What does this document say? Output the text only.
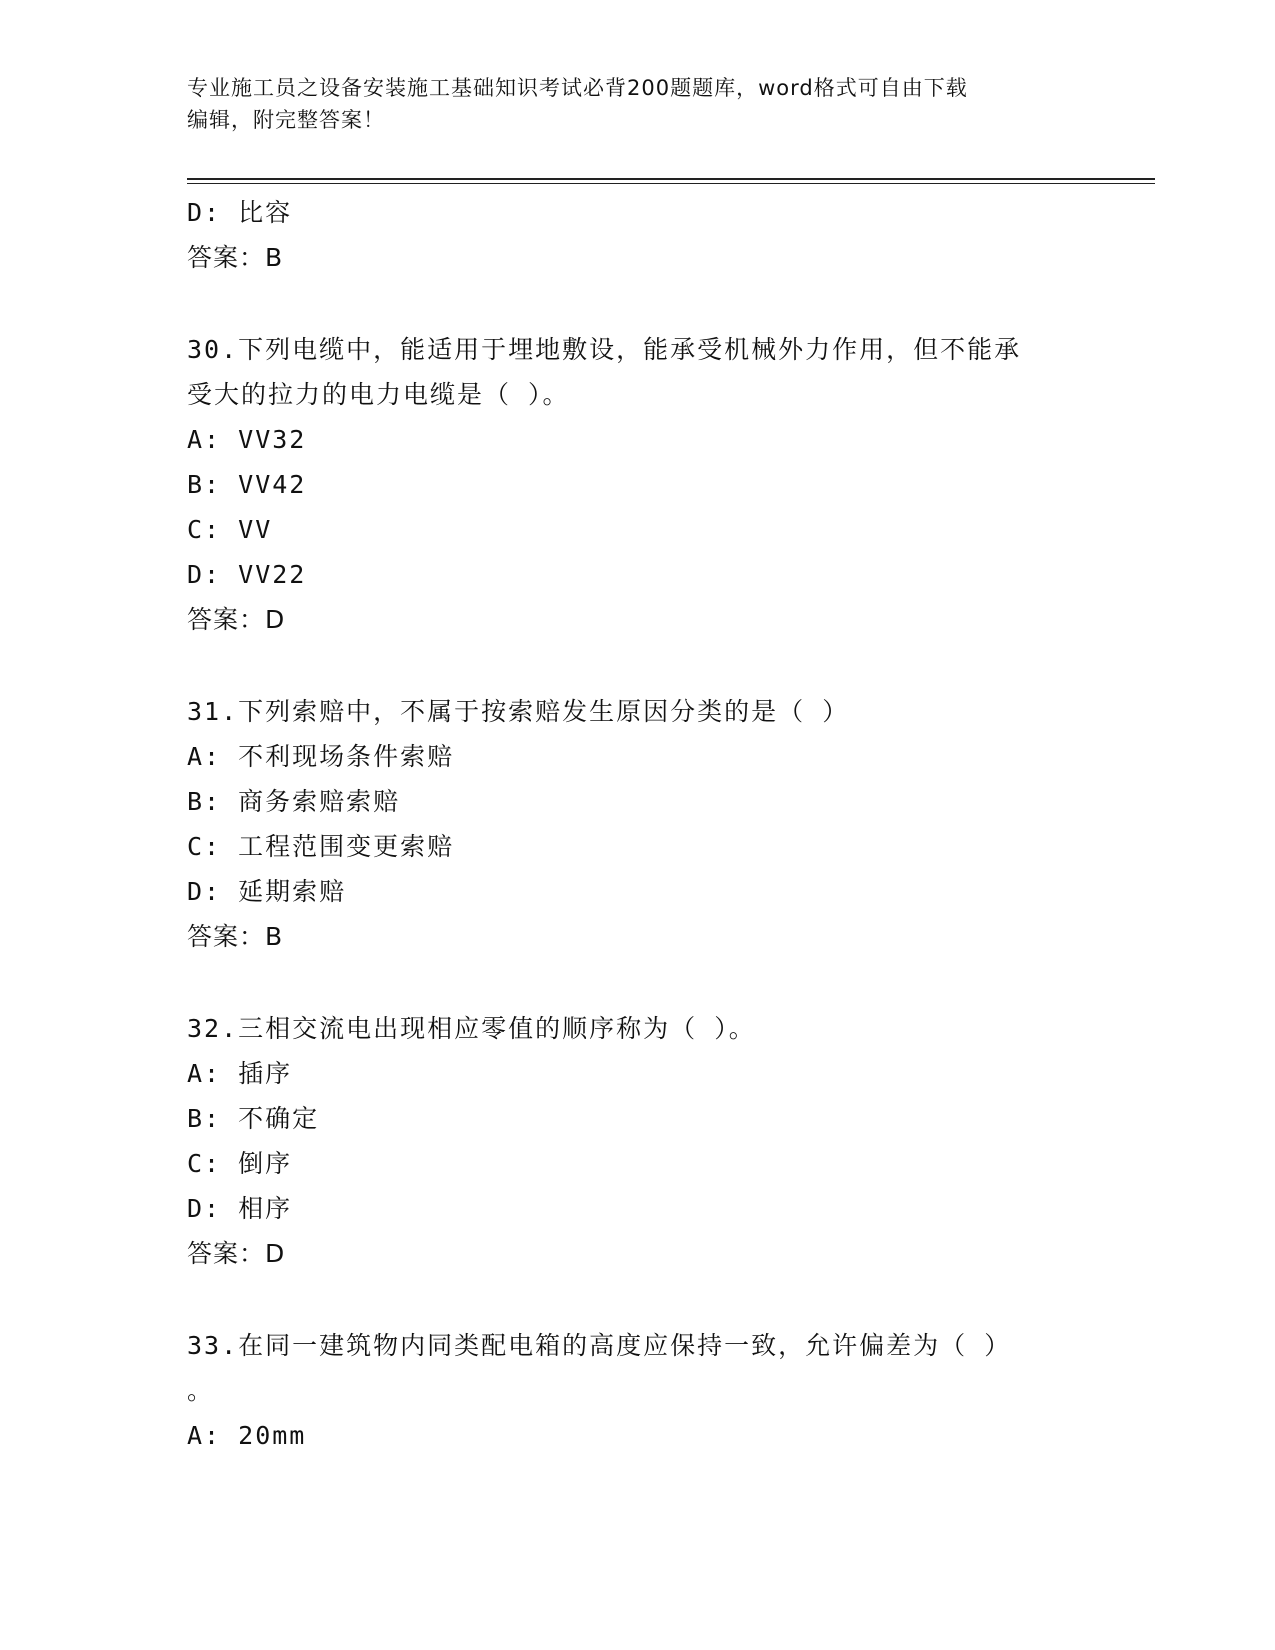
专业施工员之设备安装施工基础知识考试必背200题题库，word格式可自由下载
编辑，附完整答案！
D: 比容
答案：B
30.下列电缆中，能适用于埋地敷设，能承受机械外力作用，但不能承
受大的拉力的电力电缆是（ ）。
A: VV32
B: VV42
C: VV
D: VV22
答案：D
31.下列索赔中，不属于按索赔发生原因分类的是（ ）
A: 不利现场条件索赔
B: 商务索赔索赔
C: 工程范围变更索赔
D: 延期索赔
答案：B
32.三相交流电出现相应零值的顺序称为（ ）。
A: 插序
B: 不确定
C: 倒序
D: 相序
答案：D
33.在同一建筑物内同类配电箱的高度应保持一致，允许偏差为（ ）
。
A: 20mm
